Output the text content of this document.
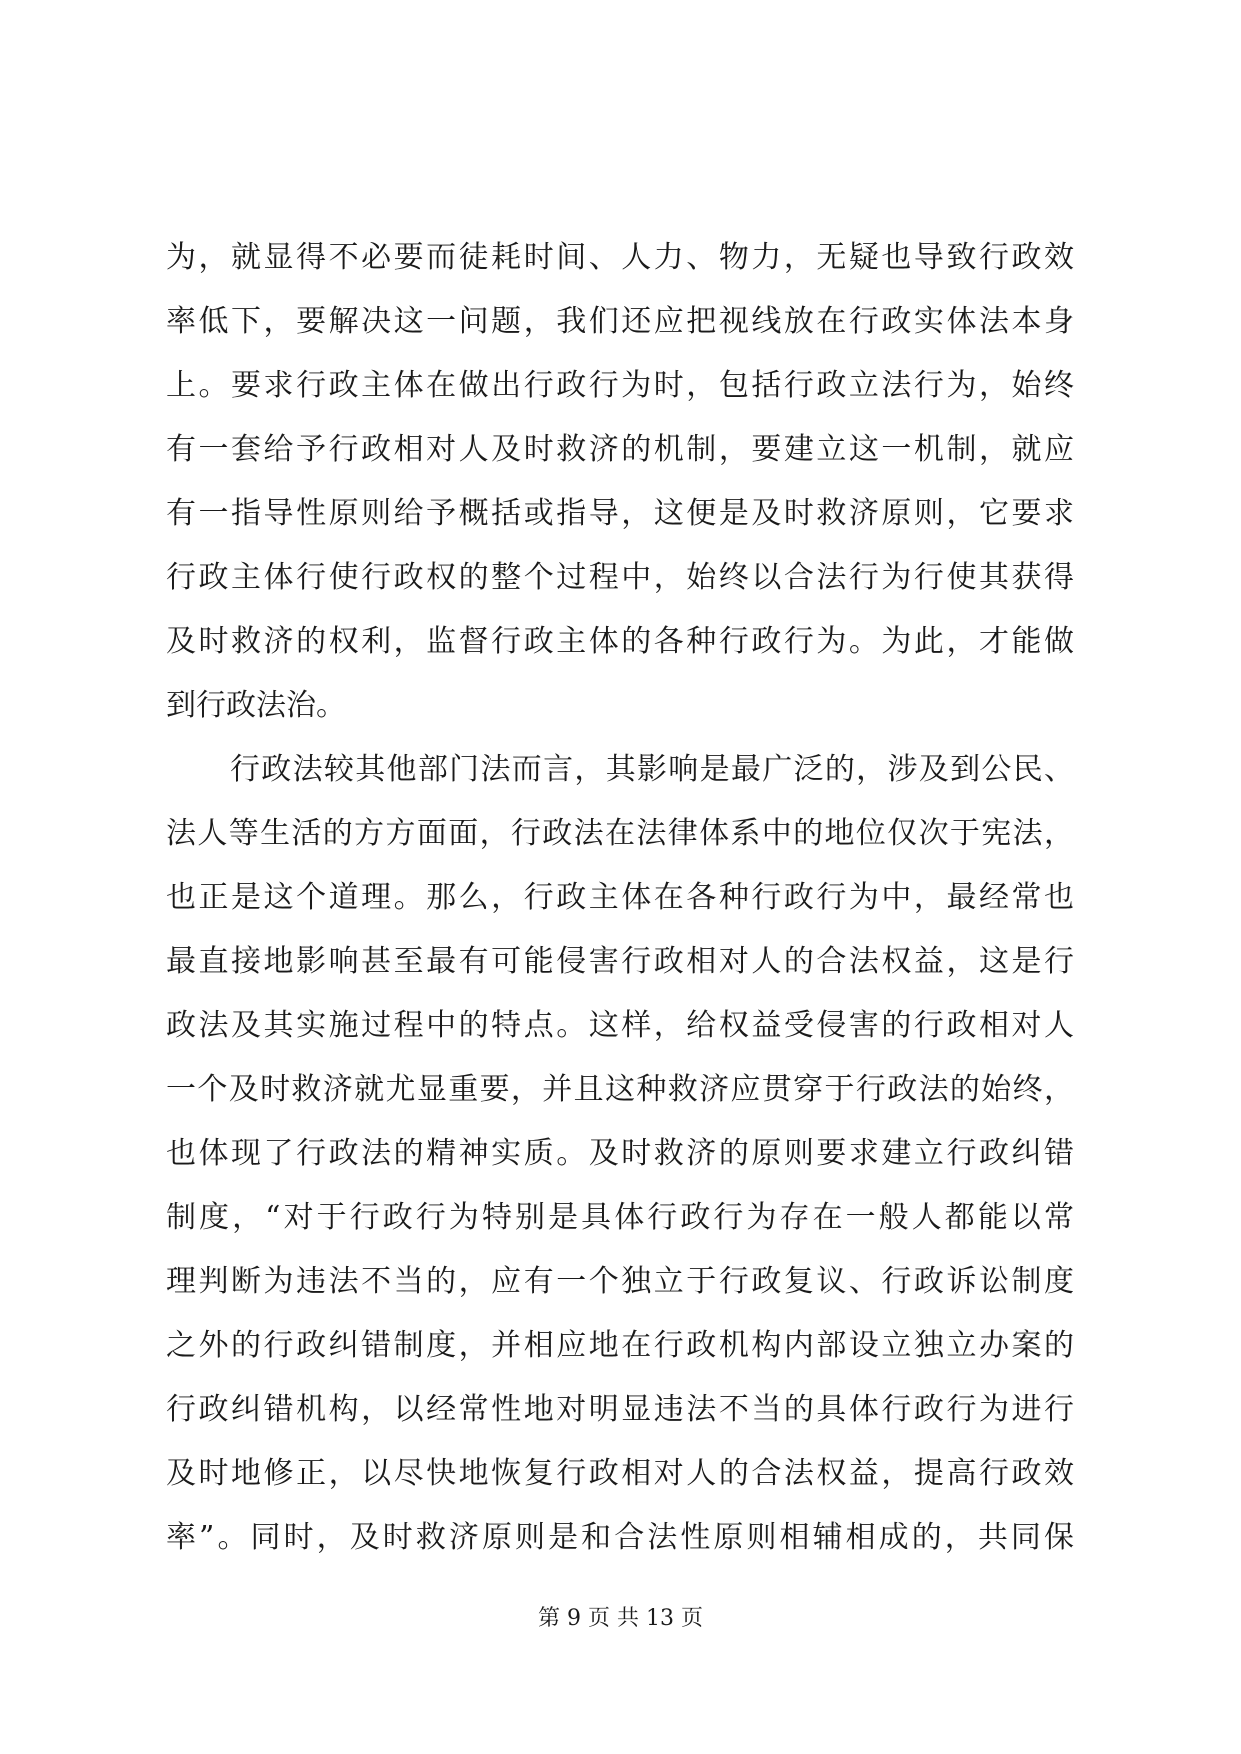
为，就显得不必要而徒耗时间、人力、物力，无疑也导致行政效
率低下，要解决这一问题，我们还应把视线放在行政实体法本身
上。要求行政主体在做出行政行为时，包括行政立法行为，始终
有一套给予行政相对人及时救济的机制，要建立这一机制，就应
有一指导性原则给予概括或指导，这便是及时救济原则，它要求
行政主体行使行政权的整个过程中，始终以合法行为行使其获得
及时救济的权利，监督行政主体的各种行政行为。为此，才能做
到行政法治。
行政法较其他部门法而言，其影响是最广泛的，涉及到公民、
法人等生活的方方面面，行政法在法律体系中的地位仅次于宪法，
也正是这个道理。那么，行政主体在各种行政行为中，最经常也
最直接地影响甚至最有可能侵害行政相对人的合法权益，这是行
政法及其实施过程中的特点。这样，给权益受侵害的行政相对人
一个及时救济就尤显重要，并且这种救济应贯穿于行政法的始终，
也体现了行政法的精神实质。及时救济的原则要求建立行政纠错
制度，“对于行政行为特别是具体行政行为存在一般人都能以常
理判断为违法不当的，应有一个独立于行政复议、行政诉讼制度
之外的行政纠错制度，并相应地在行政机构内部设立独立办案的
行政纠错机构，以经常性地对明显违法不当的具体行政行为进行
及时地修正，以尽快地恢复行政相对人的合法权益，提高行政效
率”。同时，及时救济原则是和合法性原则相辅相成的，共同保
第 9 页 共 13 页
